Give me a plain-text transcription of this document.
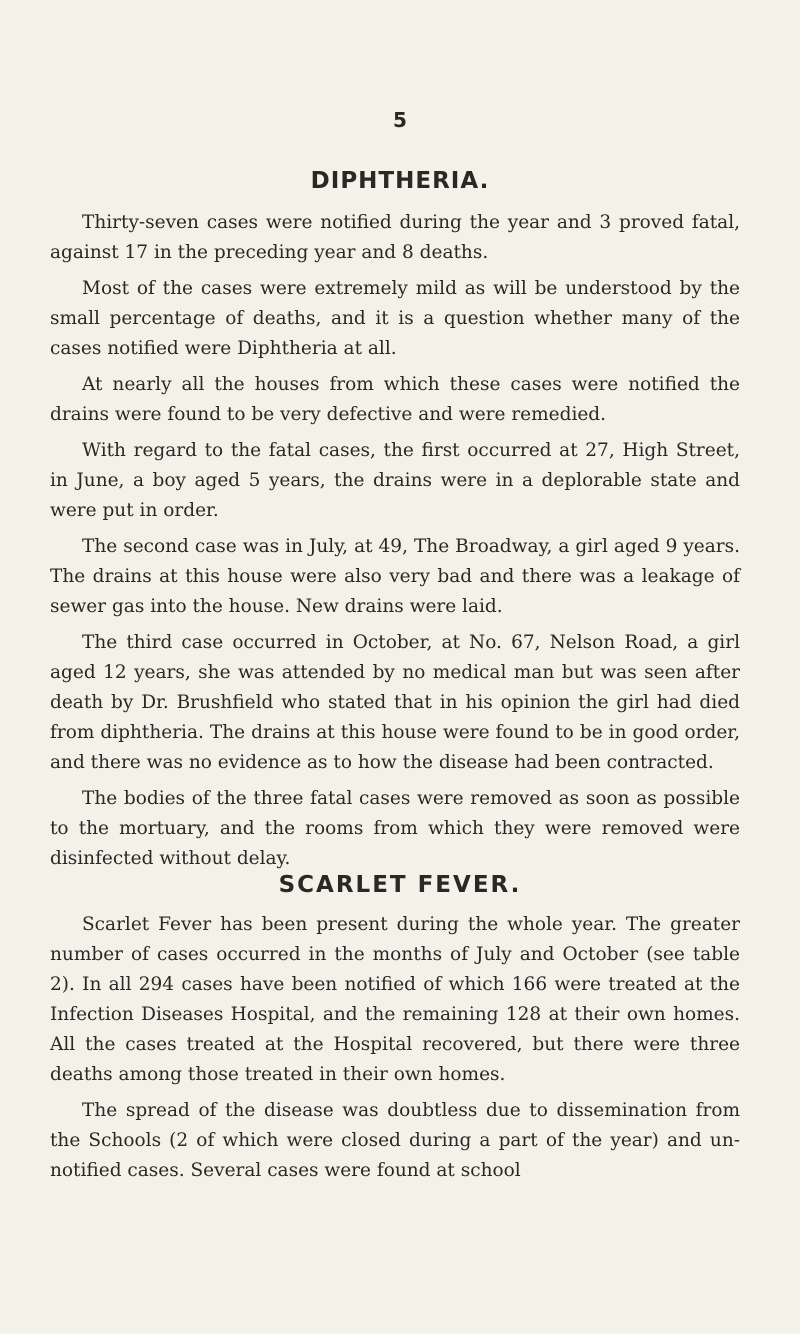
5
DIPHTHERIA.

Thirty-seven cases were notified during the year and 3 proved fatal, against 17 in the preceding year and 8 deaths.

Most of the cases were extremely mild as will be understood by the small percentage of deaths, and it is a question whether many of the cases notified were Diphtheria at all.

At nearly all the houses from which these cases were notified the drains were found to be very defective and were remedied.

With regard to the fatal cases, the first occurred at 27, High Street, in June, a boy aged 5 years, the drains were in a deplorable state and were put in order.

The second case was in July, at 49, The Broadway, a girl aged 9 years. The drains at this house were also very bad and there was a leakage of sewer gas into the house. New drains were laid.

The third case occurred in October, at No. 67, Nelson Road, a girl aged 12 years, she was attended by no medical man but was seen after death by Dr. Brushfield who stated that in his opinion the girl had died from diphtheria. The drains at this house were found to be in good order, and there was no evidence as to how the disease had been contracted.

The bodies of the three fatal cases were removed as soon as possible to the mortuary, and the rooms from which they were removed were disinfected without delay.

SCARLET FEVER.

Scarlet Fever has been present during the whole year. The greater number of cases occurred in the months of July and October (see table 2). In all 294 cases have been notified of which 166 were treated at the Infection Diseases Hospital, and the remaining 128 at their own homes. All the cases treated at the Hospital recovered, but there were three deaths among those treated in their own homes.

The spread of the disease was doubtless due to dissemination from the Schools (2 of which were closed during a part of the year) and un-notified cases. Several cases were found at school
